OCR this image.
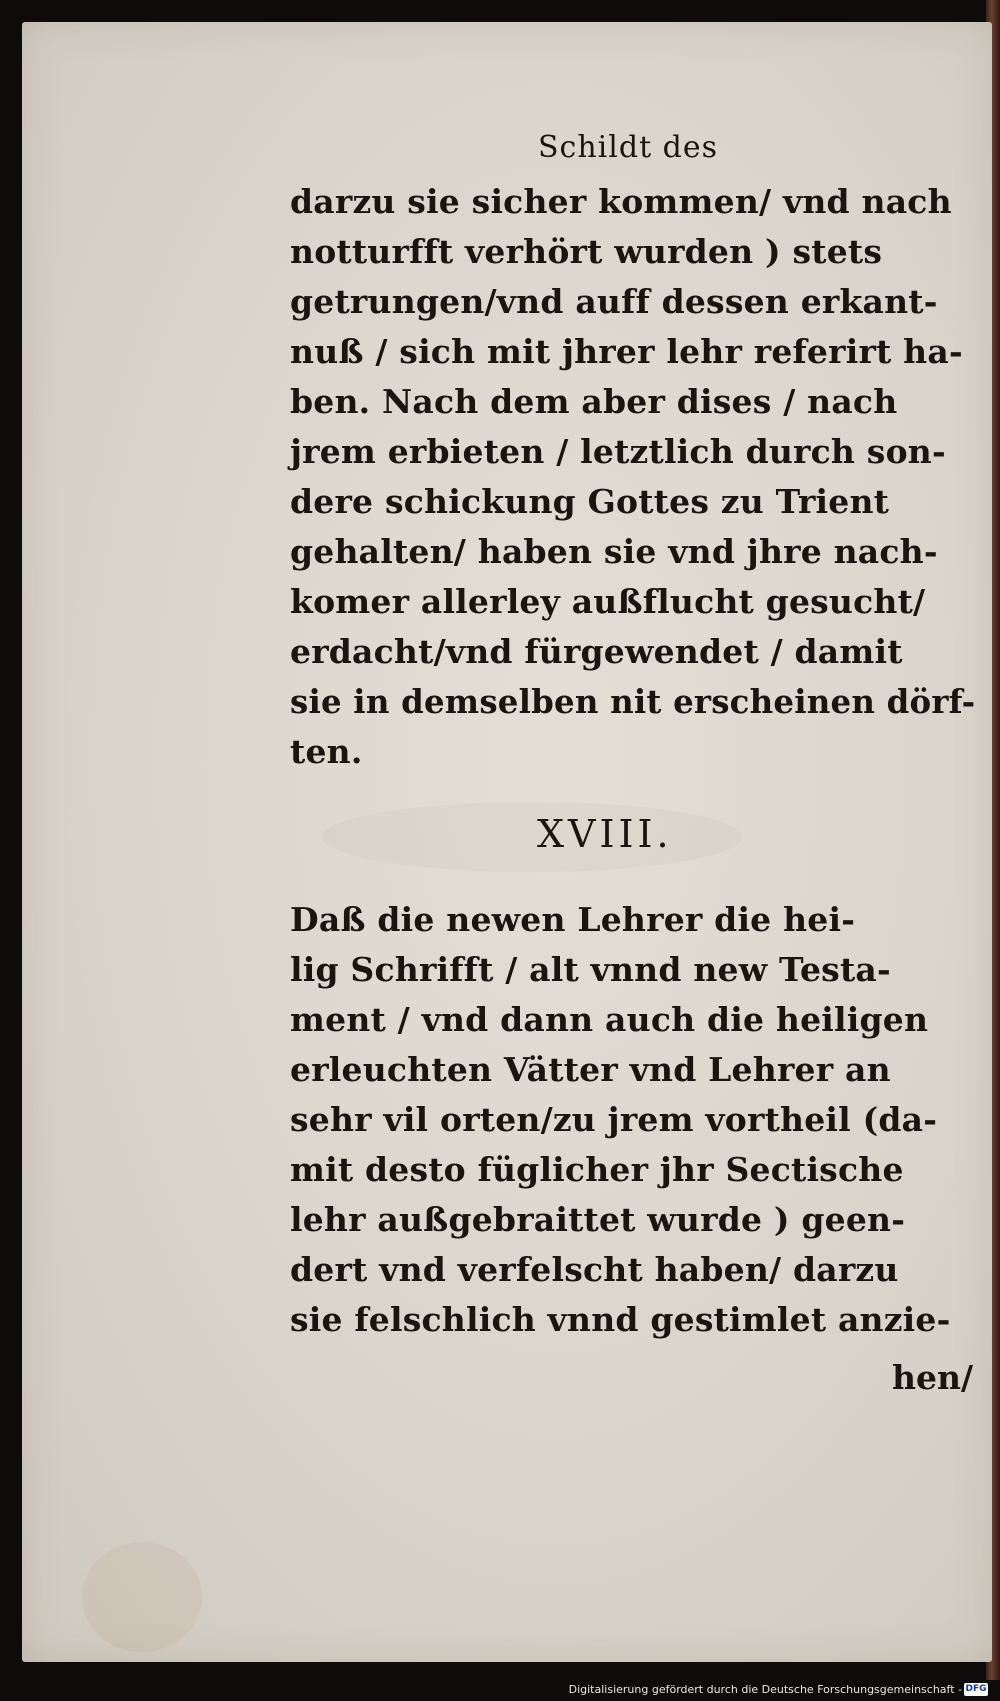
Schildt des
darzu sie sicher kommen/ vnd nach
notturfft verhört wurden ) stets
getrungen/vnd auff dessen erkant-
nuß / sich mit jhrer lehr referirt ha-
ben. Nach dem aber dises / nach
jrem erbieten / letztlich durch son-
dere schickung Gottes zu Trient
gehalten/ haben sie vnd jhre nach-
komer allerley außflucht gesucht/
erdacht/vnd fürgewendet / damit
sie in demselben nit erscheinen dörf-
ten.
XVIII.
Daß die newen Lehrer die hei-
lig Schrifft / alt vnnd new Testa-
ment / vnd dann auch die heiligen
erleuchten Vätter vnd Lehrer an
sehr vil orten/zu jrem vortheil (da-
mit desto füglicher jhr Sectische
lehr außgebraittet wurde ) geen-
dert vnd verfelscht haben/ darzu
sie felschlich vnnd gestimlet anzie-
hen/
Digitalisierung gefördert durch die Deutsche Forschungsgemeinschaft - DFG
